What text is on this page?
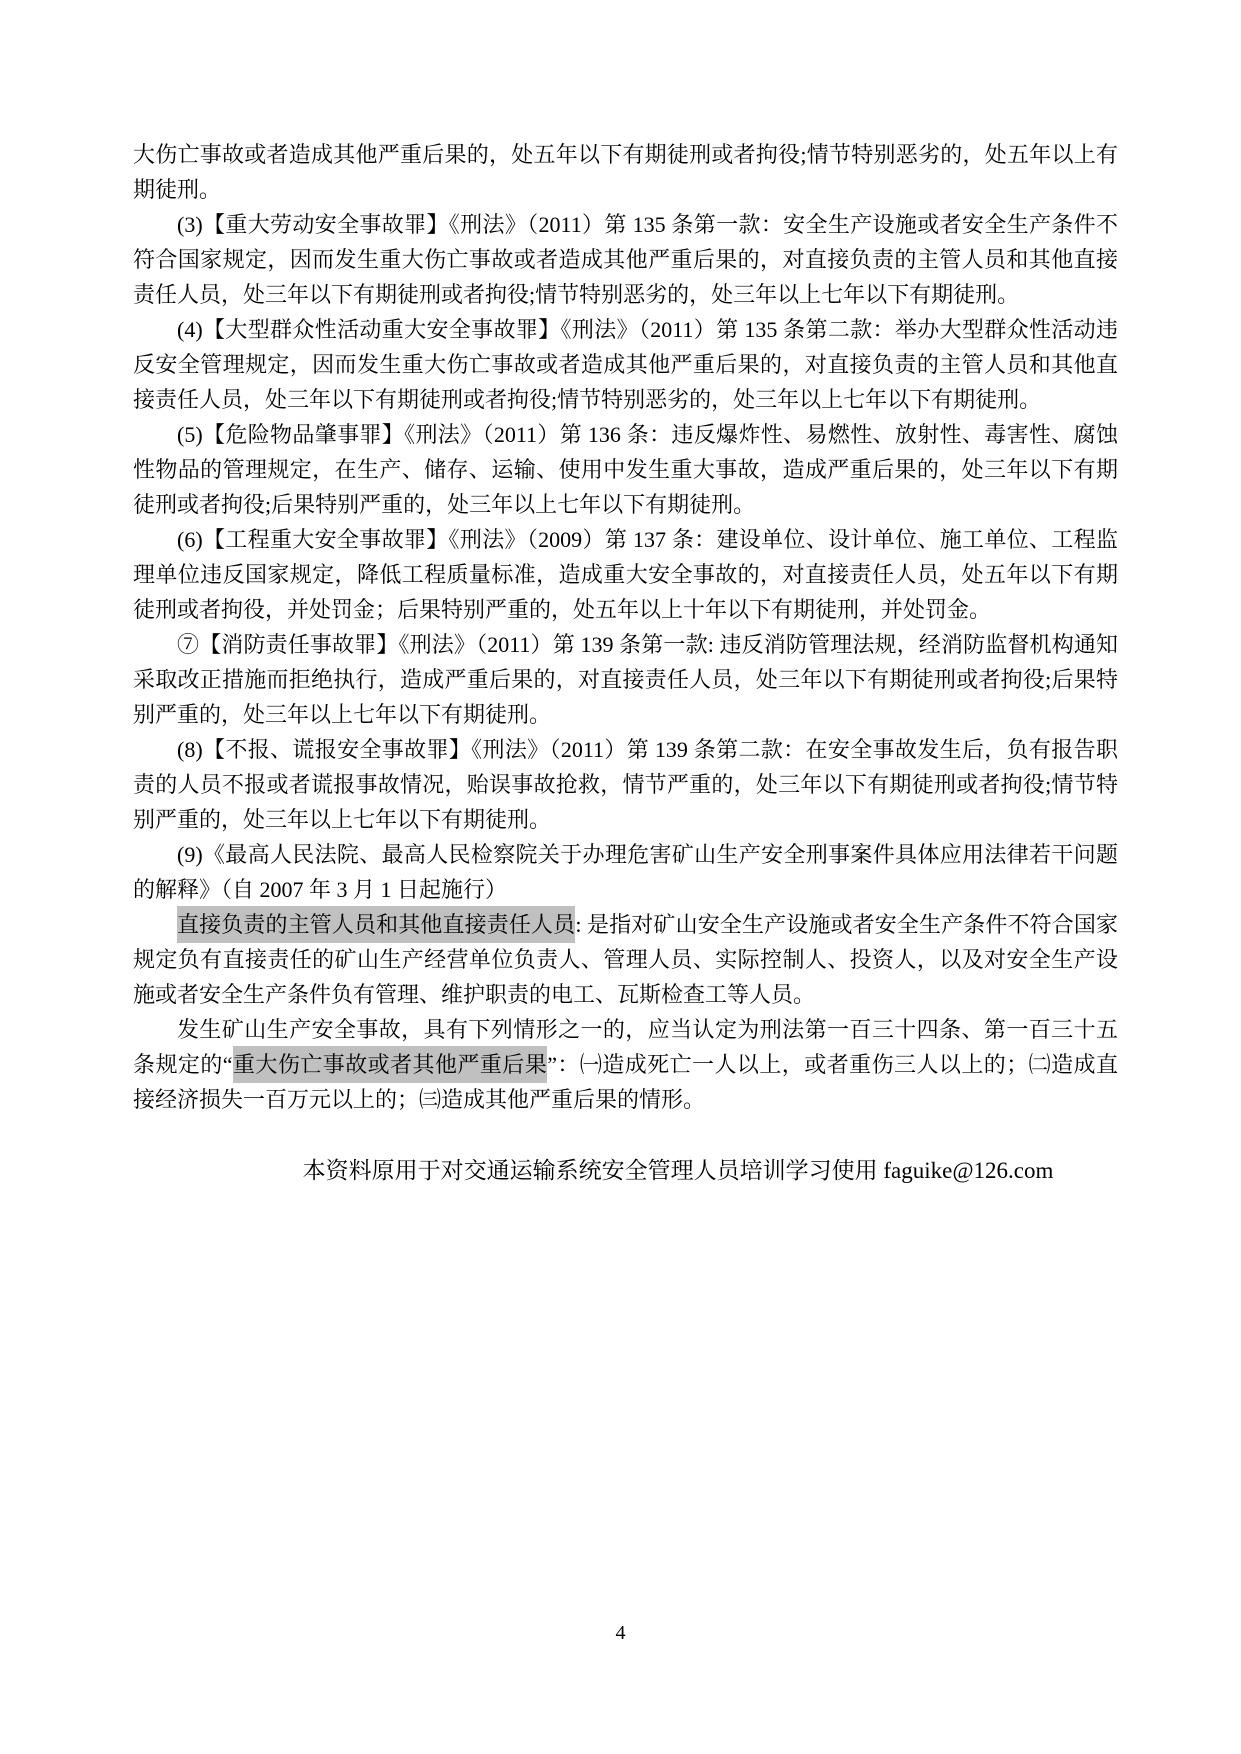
大伤亡事故或者造成其他严重后果的，处五年以下有期徒刑或者拘役;情节特别恶劣的，处五年以上有期徒刑。

(3)【重大劳动安全事故罪】《刑法》（2011）第 135 条第一款：安全生产设施或者安全生产条件不符合国家规定，因而发生重大伤亡事故或者造成其他严重后果的，对直接负责的主管人员和其他直接责任人员，处三年以下有期徒刑或者拘役;情节特别恶劣的，处三年以上七年以下有期徒刑。

(4)【大型群众性活动重大安全事故罪】《刑法》（2011）第 135 条第二款：举办大型群众性活动违反安全管理规定，因而发生重大伤亡事故或者造成其他严重后果的，对直接负责的主管人员和其他直接责任人员，处三年以下有期徒刑或者拘役;情节特别恶劣的，处三年以上七年以下有期徒刑。

(5)【危险物品肇事罪】《刑法》（2011）第 136 条：违反爆炸性、易燃性、放射性、毒害性、腐蚀性物品的管理规定，在生产、储存、运输、使用中发生重大事故，造成严重后果的，处三年以下有期徒刑或者拘役;后果特别严重的，处三年以上七年以下有期徒刑。

(6)【工程重大安全事故罪】《刑法》（2009）第 137 条：建设单位、设计单位、施工单位、工程监理单位违反国家规定，降低工程质量标准，造成重大安全事故的，对直接责任人员，处五年以下有期徒刑或者拘役，并处罚金；后果特别严重的，处五年以上十年以下有期徒刑，并处罚金。

⑦【消防责任事故罪】《刑法》（2011）第 139 条第一款: 违反消防管理法规，经消防监督机构通知采取改正措施而拒绝执行，造成严重后果的，对直接责任人员，处三年以下有期徒刑或者拘役;后果特别严重的，处三年以上七年以下有期徒刑。

(8)【不报、谎报安全事故罪】《刑法》（2011）第 139 条第二款：在安全事故发生后，负有报告职责的人员不报或者谎报事故情况，贻误事故抢救，情节严重的，处三年以下有期徒刑或者拘役;情节特别严重的，处三年以上七年以下有期徒刑。

(9)《最高人民法院、最高人民检察院关于办理危害矿山生产安全刑事案件具体应用法律若干问题的解释》（自 2007 年 3 月 1 日起施行）

直接负责的主管人员和其他直接责任人员: 是指对矿山安全生产设施或者安全生产条件不符合国家规定负有直接责任的矿山生产经营单位负责人、管理人员、实际控制人、投资人，以及对安全生产设施或者安全生产条件负有管理、维护职责的电工、瓦斯检查工等人员。

发生矿山生产安全事故，具有下列情形之一的，应当认定为刑法第一百三十四条、第一百三十五条规定的“重大伤亡事故或者其他严重后果”：㈠造成死亡一人以上，或者重伤三人以上的；㈡造成直接经济损失一百万元以上的；㈢造成其他严重后果的情形。

本资料原用于对交通运输系统安全管理人员培训学习使用 faguike@126.com
4
